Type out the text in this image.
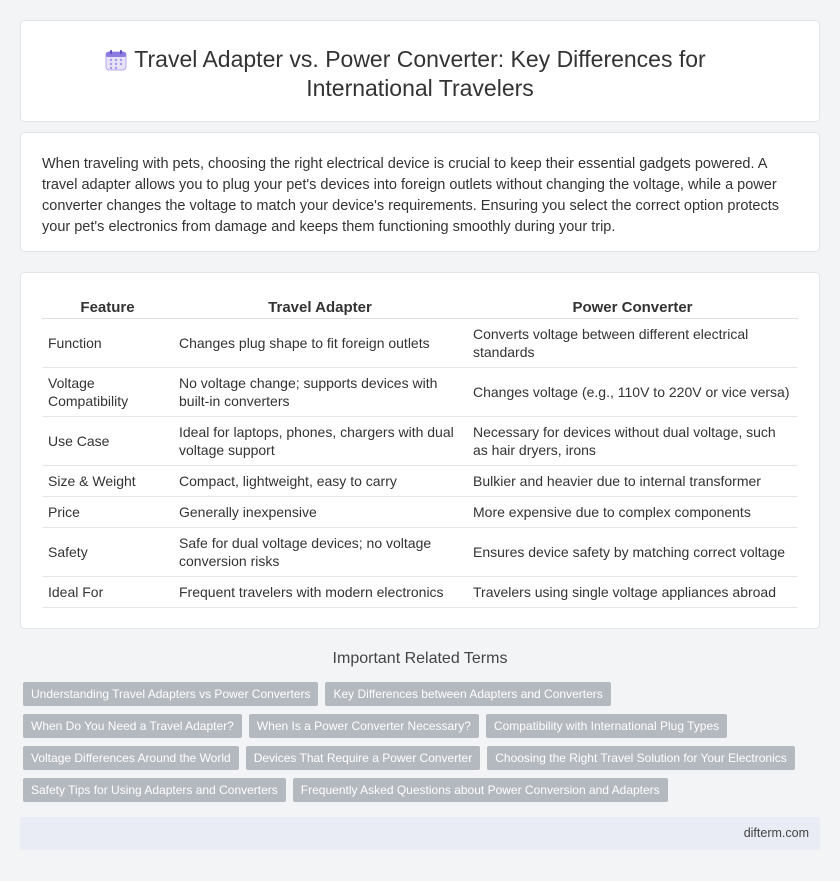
Travel Adapter vs. Power Converter: Key Differences for
International Travelers

When traveling with pets, choosing the right electrical device is crucial to keep their essential gadgets powered. A travel adapter allows you to plug your pet's devices into foreign outlets without changing the voltage, while a power converter changes the voltage to match your device's requirements. Ensuring you select the correct option protects your pet's electronics from damage and keeps them functioning smoothly during your trip.

Feature	Travel Adapter	Power Converter
Function	Changes plug shape to fit foreign outlets	Converts voltage between different electrical standards
Voltage Compatibility	No voltage change; supports devices with built-in converters	Changes voltage (e.g., 110V to 220V or vice versa)
Use Case	Ideal for laptops, phones, chargers with dual voltage support	Necessary for devices without dual voltage, such as hair dryers, irons
Size & Weight	Compact, lightweight, easy to carry	Bulkier and heavier due to internal transformer
Price	Generally inexpensive	More expensive due to complex components
Safety	Safe for dual voltage devices; no voltage conversion risks	Ensures device safety by matching correct voltage
Ideal For	Frequent travelers with modern electronics	Travelers using single voltage appliances abroad
Important Related Terms
Understanding Travel Adapters vs Power Converters	Key Differences between Adapters and Converters
When Do You Need a Travel Adapter?	When Is a Power Converter Necessary?	Compatibility with International Plug Types
Voltage Differences Around the World	Devices That Require a Power Converter	Choosing the Right Travel Solution for Your Electronics
Safety Tips for Using Adapters and Converters	Frequently Asked Questions about Power Conversion and Adapters
difterm.com
